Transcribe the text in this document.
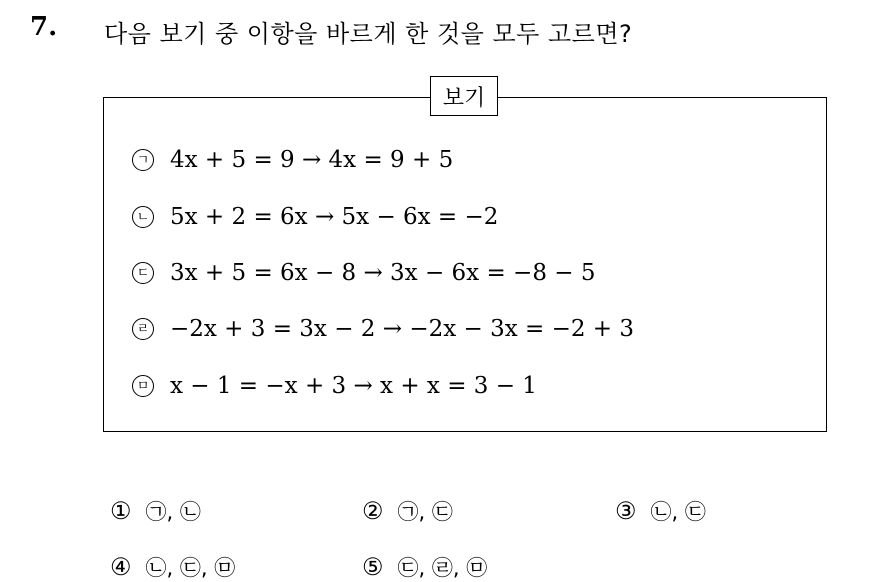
7. 다음 보기 중 이항을 바르게 한 것을 모두 고르면?
보기
ㄱ 4x + 5 = 9 → 4x = 9 + 5
ㄴ 5x + 2 = 6x → 5x − 6x = −2
ㄷ 3x + 5 = 6x − 8 → 3x − 6x = −8 − 5
ㄹ −2x + 3 = 3x − 2 → −2x − 3x = −2 + 3
ㅁ x − 1 = −x + 3 → x + x = 3 − 1
① ㉠, ㉡	② ㉠, ㉢	③ ㉡, ㉢
④ ㉡, ㉢, ㉤	⑤ ㉢, ㉣, ㉤
